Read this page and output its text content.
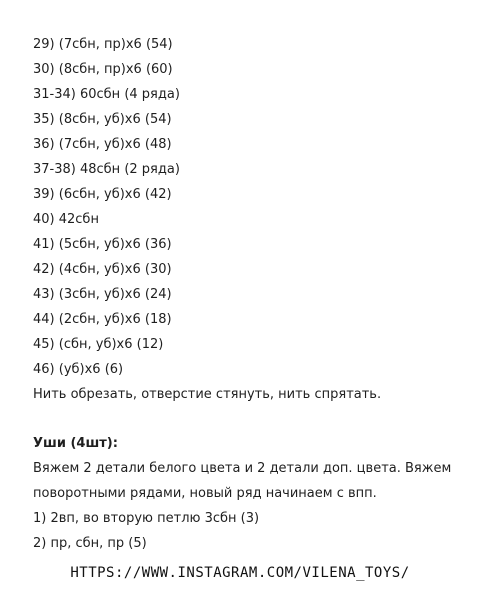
29) (7сбн, пр)х6 (54)
30) (8сбн, пр)х6 (60)
31-34) 60сбн (4 ряда)
35) (8сбн, уб)х6 (54)
36) (7сбн, уб)х6 (48)
37-38) 48сбн (2 ряда)
39) (6сбн, уб)х6 (42)
40) 42сбн
41) (5сбн, уб)х6 (36)
42) (4сбн, уб)х6 (30)
43) (3сбн, уб)х6 (24)
44) (2сбн, уб)х6 (18)
45) (сбн, уб)х6 (12)
46) (уб)х6 (6)
Нить обрезать, отверстие стянуть, нить спрятать.
Уши (4шт):
Вяжем 2 детали белого цвета и 2 детали доп. цвета. Вяжем
поворотными рядами, новый ряд начинаем с впп.
1) 2вп, во вторую петлю 3сбн (3)
2) пр, сбн, пр (5)
HTTPS://WWW.INSTAGRAM.COM/VILENA_TOYS/
